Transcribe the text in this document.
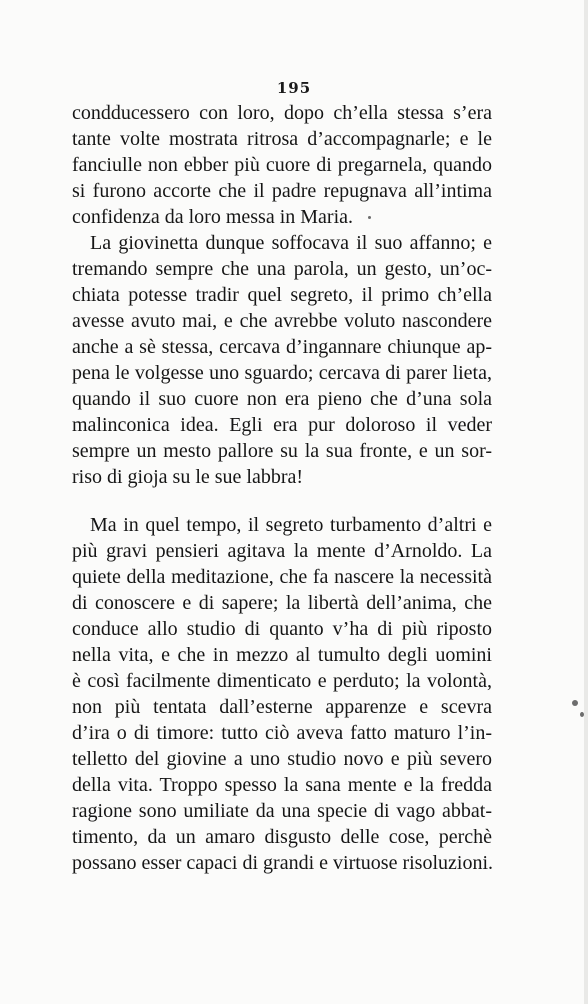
195
condducessero con loro, dopo ch’ella stessa s’era
tante volte mostrata ritrosa d’accompagnarle; e le
fanciulle non ebber più cuore di pregarnela, quando
si furono accorte che il padre repugnava all’intima
confidenza da loro messa in Maria.
La giovinetta dunque soffocava il suo affanno; e
tremando sempre che una parola, un gesto, un’oc-
chiata potesse tradir quel segreto, il primo ch’ella
avesse avuto mai, e che avrebbe voluto nascondere
anche a sè stessa, cercava d’ingannare chiunque ap-
pena le volgesse uno sguardo; cercava di parer lieta,
quando il suo cuore non era pieno che d’una sola
malinconica idea. Egli era pur doloroso il veder
sempre un mesto pallore su la sua fronte, e un sor-
riso di gioja su le sue labbra!
Ma in quel tempo, il segreto turbamento d’altri e
più gravi pensieri agitava la mente d’Arnoldo. La
quiete della meditazione, che fa nascere la necessità
di conoscere e di sapere; la libertà dell’anima, che
conduce allo studio di quanto v’ha di più riposto
nella vita, e che in mezzo al tumulto degli uomini
è così facilmente dimenticato e perduto; la volontà,
non più tentata dall’esterne apparenze e scevra
d’ira o di timore: tutto ciò aveva fatto maturo l’in-
telletto del giovine a uno studio novo e più severo
della vita. Troppo spesso la sana mente e la fredda
ragione sono umiliate da una specie di vago abbat-
timento, da un amaro disgusto delle cose, perchè
possano esser capaci di grandi e virtuose risoluzioni.
